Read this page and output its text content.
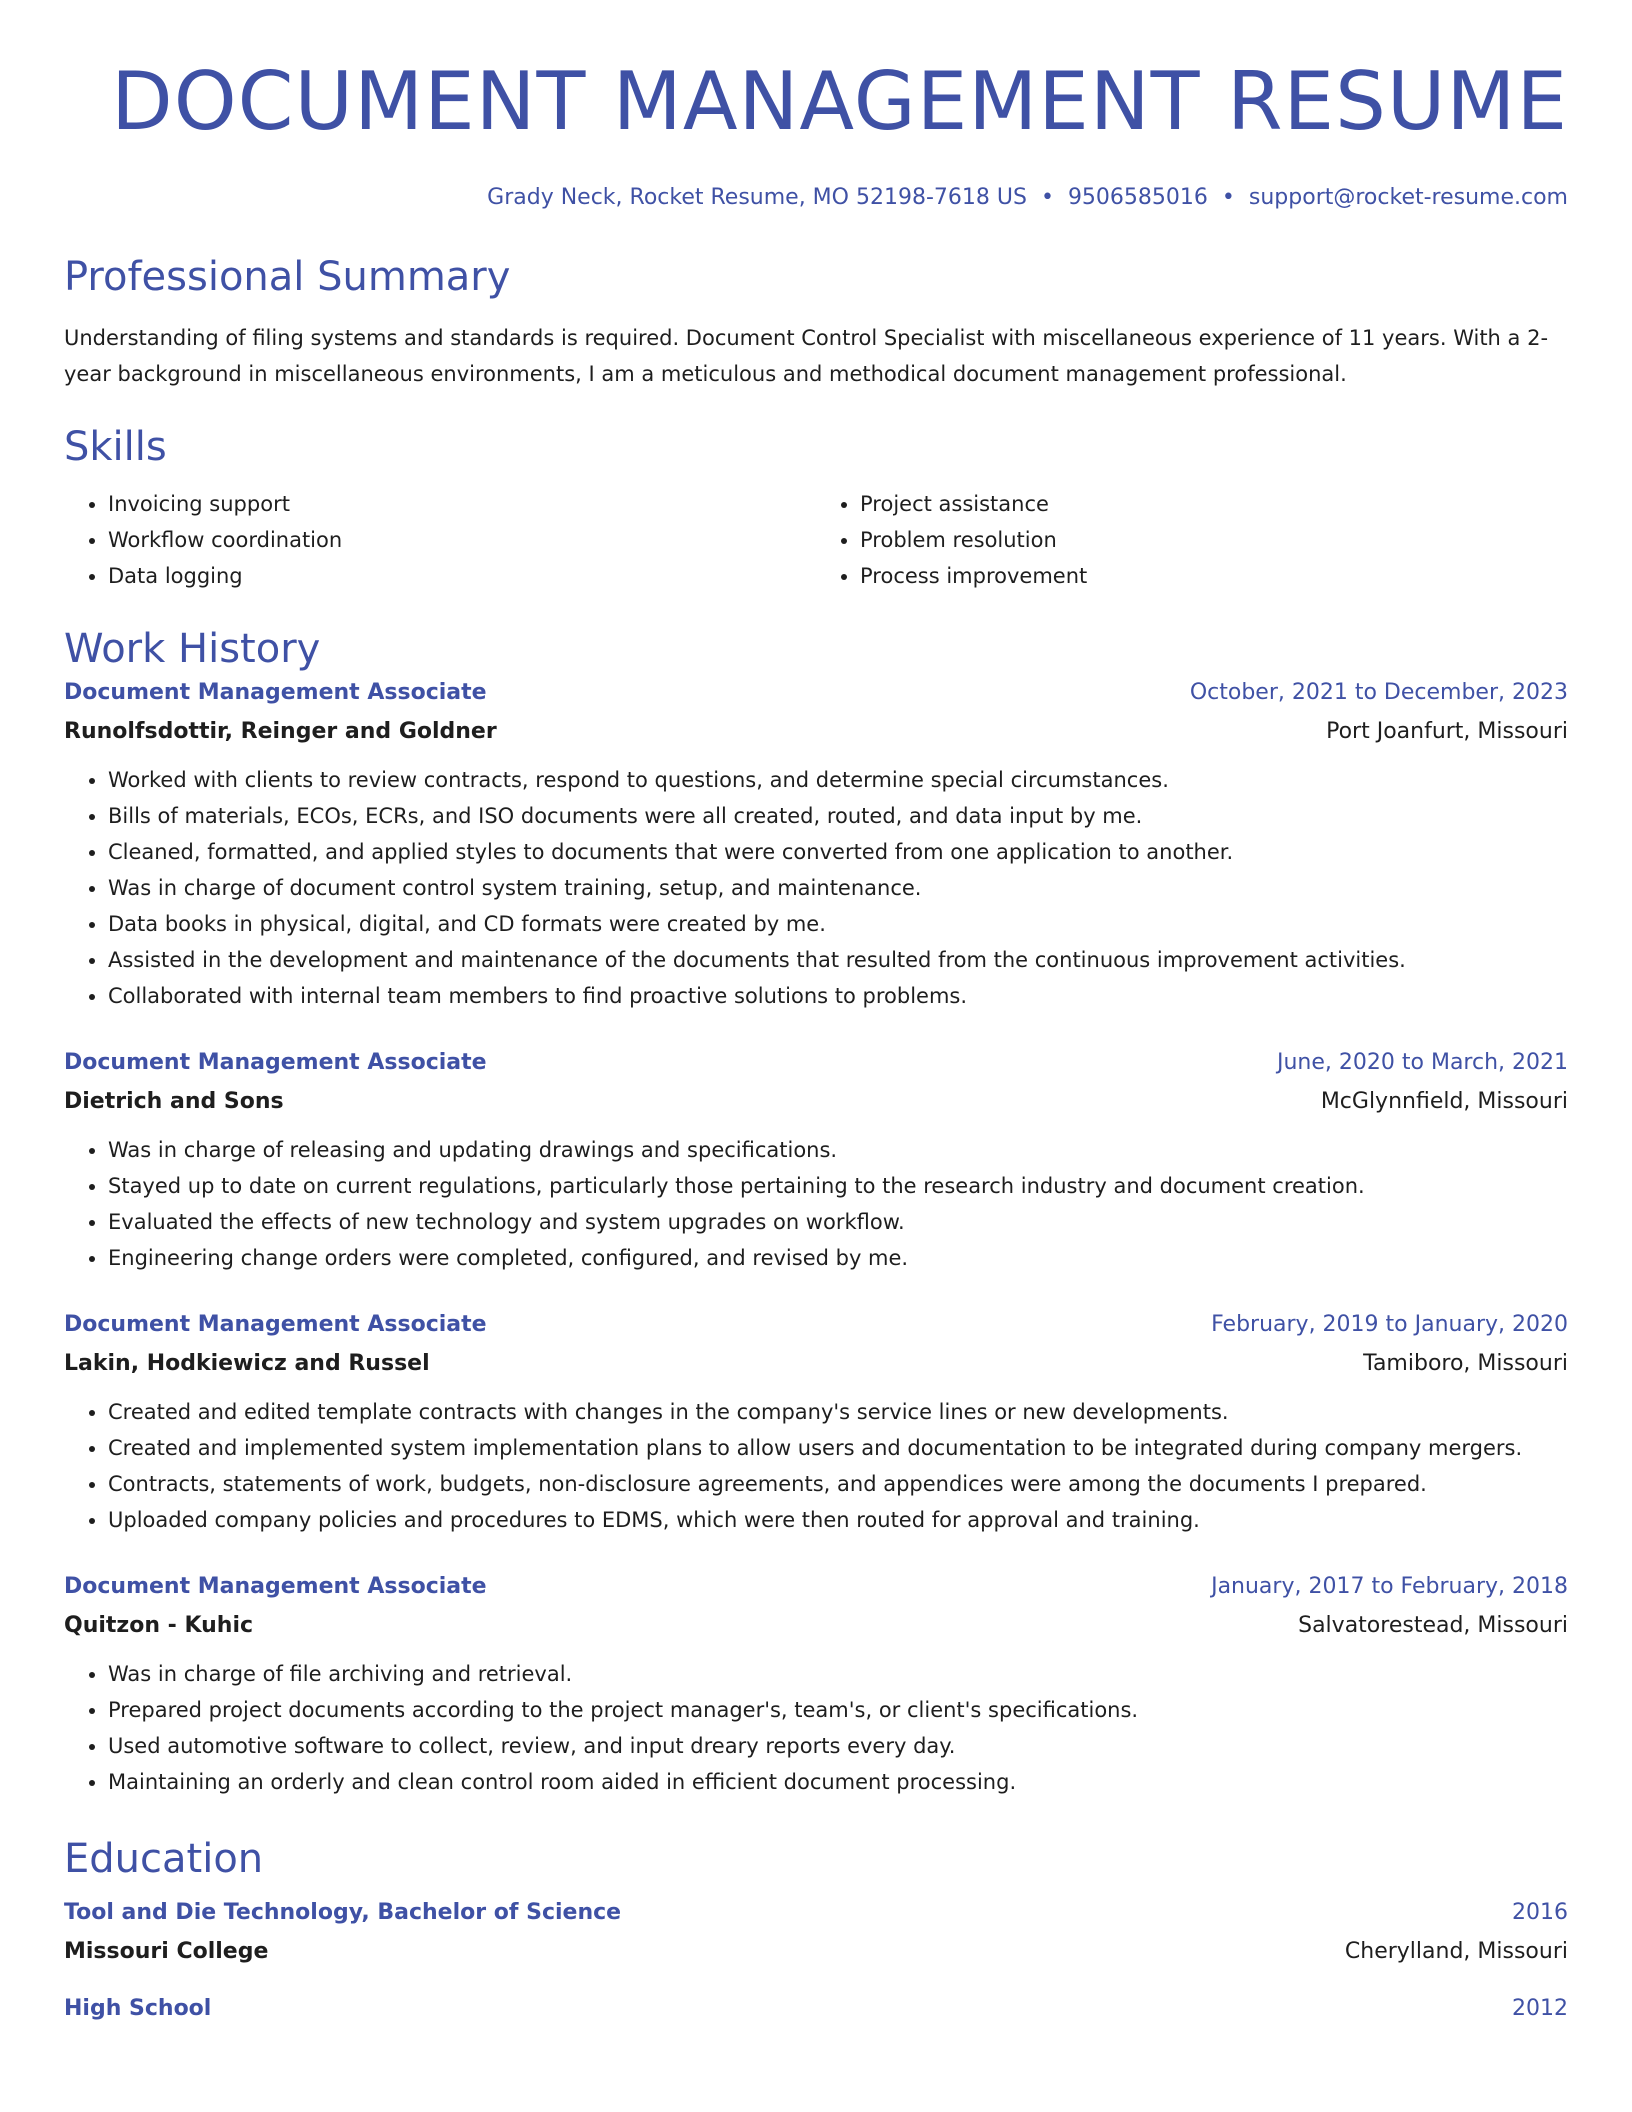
DOCUMENT MANAGEMENT RESUME
Grady Neck, Rocket Resume, MO 52198-7618 US • 9506585016 • support@rocket-resume.com
Professional Summary
Understanding of filing systems and standards is required. Document Control Specialist with miscellaneous experience of 11 years. With a 2-year background in miscellaneous environments, I am a meticulous and methodical document management professional.
Skills
• Invoicing support
• Workflow coordination
• Data logging
• Project assistance
• Problem resolution
• Process improvement
Work History
Document Management Associate	October, 2021 to December, 2023
Runolfsdottir, Reinger and Goldner	Port Joanfurt, Missouri
• Worked with clients to review contracts, respond to questions, and determine special circumstances.
• Bills of materials, ECOs, ECRs, and ISO documents were all created, routed, and data input by me.
• Cleaned, formatted, and applied styles to documents that were converted from one application to another.
• Was in charge of document control system training, setup, and maintenance.
• Data books in physical, digital, and CD formats were created by me.
• Assisted in the development and maintenance of the documents that resulted from the continuous improvement activities.
• Collaborated with internal team members to find proactive solutions to problems.
Document Management Associate	June, 2020 to March, 2021
Dietrich and Sons	McGlynnfield, Missouri
• Was in charge of releasing and updating drawings and specifications.
• Stayed up to date on current regulations, particularly those pertaining to the research industry and document creation.
• Evaluated the effects of new technology and system upgrades on workflow.
• Engineering change orders were completed, configured, and revised by me.
Document Management Associate	February, 2019 to January, 2020
Lakin, Hodkiewicz and Russel	Tamiboro, Missouri
• Created and edited template contracts with changes in the company's service lines or new developments.
• Created and implemented system implementation plans to allow users and documentation to be integrated during company mergers.
• Contracts, statements of work, budgets, non-disclosure agreements, and appendices were among the documents I prepared.
• Uploaded company policies and procedures to EDMS, which were then routed for approval and training.
Document Management Associate	January, 2017 to February, 2018
Quitzon - Kuhic	Salvatorestead, Missouri
• Was in charge of file archiving and retrieval.
• Prepared project documents according to the project manager's, team's, or client's specifications.
• Used automotive software to collect, review, and input dreary reports every day.
• Maintaining an orderly and clean control room aided in efficient document processing.
Education
Tool and Die Technology, Bachelor of Science	2016
Missouri College	Cherylland, Missouri
High School	2012
